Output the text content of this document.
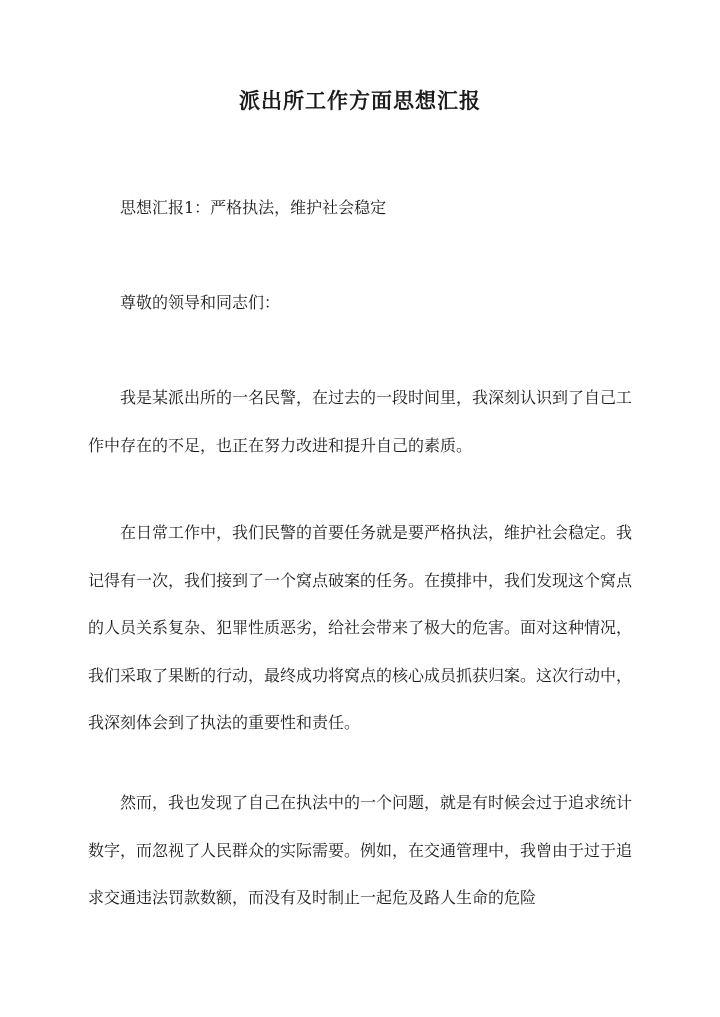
派出所工作方面思想汇报

思想汇报1：严格执法，维护社会稳定

尊敬的领导和同志们：

我是某派出所的一名民警，在过去的一段时间里，我深刻认识到了自己工作中存在的不足，也正在努力改进和提升自己的素质。

在日常工作中，我们民警的首要任务就是要严格执法，维护社会稳定。我记得有一次，我们接到了一个窝点破案的任务。在摸排中，我们发现这个窝点的人员关系复杂、犯罪性质恶劣，给社会带来了极大的危害。面对这种情况，我们采取了果断的行动，最终成功将窝点的核心成员抓获归案。这次行动中，我深刻体会到了执法的重要性和责任。

然而，我也发现了自己在执法中的一个问题，就是有时候会过于追求统计数字，而忽视了人民群众的实际需要。例如，在交通管理中，我曾由于过于追求交通违法罚款数额，而没有及时制止一起危及路人生命的危险
